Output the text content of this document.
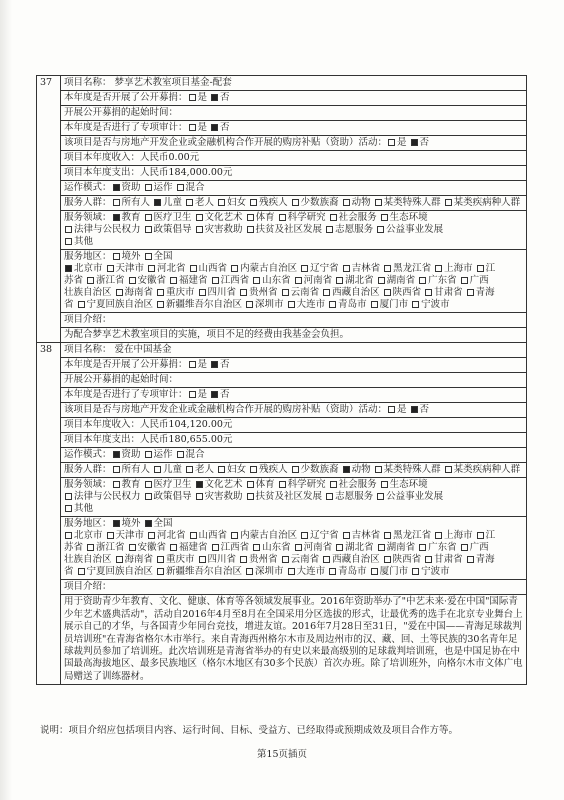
37	项目名称： 梦享艺术教室项目基金-配套
	本年度是否开展了公开募捐： 是 否
	开展公开募捐的起始时间：
	本年度是否进行了专项审计： 是 否
	该项目是否与房地产开发企业或金融机构合作开展的购房补贴（资助）活动： 是 否
	项目本年度收入：人民币0.00元
	项目本年度支出：人民币184,000.00元
	运作模式： 资助 运作 混合
	服务人群： 所有人 儿童 老人 妇女 残疾人 少数族裔 动物 某类特殊人群 某类疾病种人群

	服务领域： 教育 医疗卫生 文化艺术 体育 科学研究 社会服务 生态环境
法律与公民权力 政策倡导 灾害救助 扶贫及社区发展 志愿服务 公益事业发展
其他

	服务地区： 境外 全国
北京市 天津市 河北省 山西省 内蒙古自治区 辽宁省 吉林省 黑龙江省 上海市 江
苏省 浙江省 安徽省 福建省 江西省 山东省 河南省 湖北省 湖南省 广东省 广西
壮族自治区 海南省 重庆市 四川省 贵州省 云南省 西藏自治区 陕西省 甘肃省 青海
省 宁夏回族自治区 新疆维吾尔自治区 深圳市 大连市 青岛市 厦门市 宁波市

	项目介绍：

	为配合梦享艺术教室项目的实施，项目不足的经费由我基金会负担。

38	项目名称： 爱在中国基金
	本年度是否开展了公开募捐： 是 否
	开展公开募捐的起始时间：
	本年度是否进行了专项审计： 是 否
	该项目是否与房地产开发企业或金融机构合作开展的购房补贴（资助）活动： 是 否
	项目本年度收入：人民币104,120.00元
	项目本年度支出：人民币180,655.00元
	运作模式： 资助 运作 混合
	服务人群： 所有人 儿童 老人 妇女 残疾人 少数族裔 动物 某类特殊人群 某类疾病种人群

	服务领域： 教育 医疗卫生 文化艺术 体育 科学研究 社会服务 生态环境
法律与公民权力 政策倡导 灾害救助 扶贫及社区发展 志愿服务 公益事业发展
其他

	服务地区： 境外 全国
北京市 天津市 河北省 山西省 内蒙古自治区 辽宁省 吉林省 黑龙江省 上海市 江
苏省 浙江省 安徽省 福建省 江西省 山东省 河南省 湖北省 湖南省 广东省 广西
壮族自治区 海南省 重庆市 四川省 贵州省 云南省 西藏自治区 陕西省 甘肃省 青海
省 宁夏回族自治区 新疆维吾尔自治区 深圳市 大连市 青岛市 厦门市 宁波市

	项目介绍：

	用于资助青少年教育、文化、健康、体育等各领域发展事业。2016年资助举办了"中艺未来·爱在中国"国际青少年艺术盛典活动"，活动自2016年4月至8月在全国采用分区选拔的形式，让最优秀的选手在北京专业舞台上展示自己的才华，与各国青少年同台竞技，增进友谊。2016年7月28日至31日，"爱在中国——青海足球裁判员培训班"在青海省格尔木市举行。来自青海西州格尔木市及周边州市的汉、藏、回、土等民族的30名青年足球裁判员参加了培训班。此次培训班是青海省举办的有史以来最高级别的足球裁判培训班，也是中国足协在中国最高海拔地区、最多民族地区（格尔木地区有30多个民族）首次办班。除了培训班外，向格尔木市文体广电局赠送了训练器材。
说明：项目介绍应包括项目内容、运行时间、目标、受益方、已经取得或预期成效及项目合作方等。
第15页插页
